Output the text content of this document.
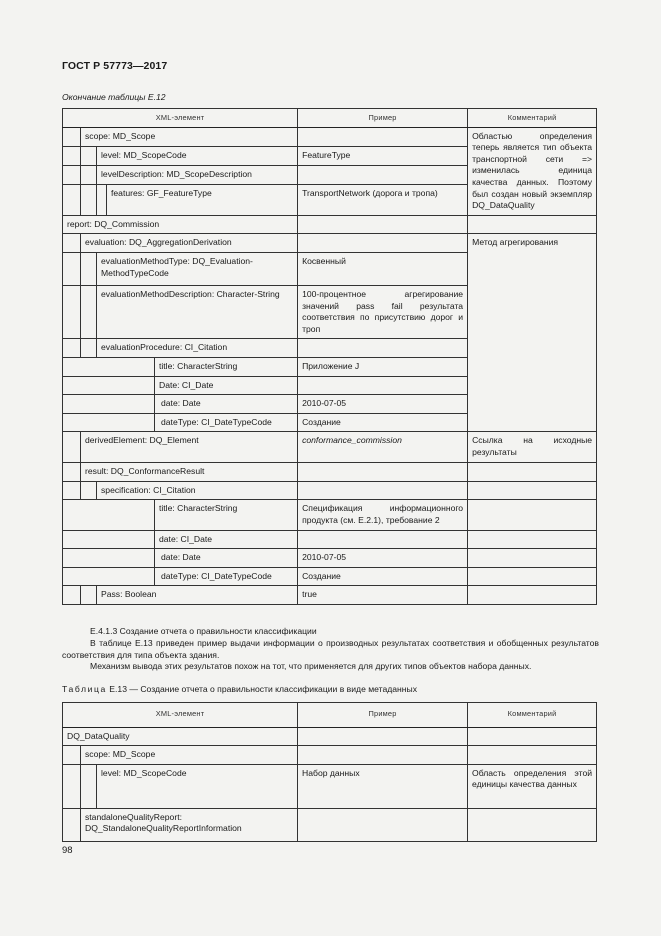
ГОСТ Р 57773—2017
Окончание таблицы Е.12
XML-элемент					Пример	Комментарий
	scope: MD_Scope					Областью определения теперь является тип объекта транспортной сети => изменилась единица качества данных. Поэтому был создан новый экземпляр DQ_DataQuality
		level: MD_ScopeCode			FeatureType	
		levelDescription: MD_ScopeDescription				
			features: GF_FeatureType		TransportNetwork (дорога и тропа)	
report: DQ_Commission						
	evaluation: DQ_AggregationDerivation					Метод агрегирования
		evaluationMethodType: DQ_Evaluation-MethodTypeCode			Косвенный	
		evaluationMethodDescription: Character-String			100-процентное агрегирование значений pass fail результата соответствия по присутствию дорог и троп	
		evaluationProcedure: CI_Citation				
				title: CharacterString	Приложение J	
				Date: CI_Date		
				date: Date	2010-07-05	
				dateType: CI_DateTypeCode	Создание	
	derivedElement: DQ_Element				conformance_commission	Ссылка на исходные результаты
	result: DQ_ConformanceResult					
		specification: CI_Citation				
				title: CharacterString	Спецификация информационного продукта (см. Е.2.1), требование 2	
				date: CI_Date		
				date: Date	2010-07-05	
				dateType: CI_DateTypeCode	Создание	
		Pass: Boolean			true	

Е.4.1.3 Создание отчета о правильности классификации

В таблице Е.13 приведен пример выдачи информации о производных результатах соответствия и обобщенных результатов соответствия для типа объекта здания.

Механизм вывода этих результатов похож на тот, что применяется для других типов объектов набора данных.

Таблица Е.13 — Создание отчета о правильности классификации в виде метаданных
XML-элемент			Пример	Комментарий
DQ_DataQuality				
	scope: MD_Scope			
		level: MD_ScopeCode	Набор данных	Область определения этой единицы качества данных
	standaloneQualityReport: DQ_StandaloneQualityReportInformation			
98
